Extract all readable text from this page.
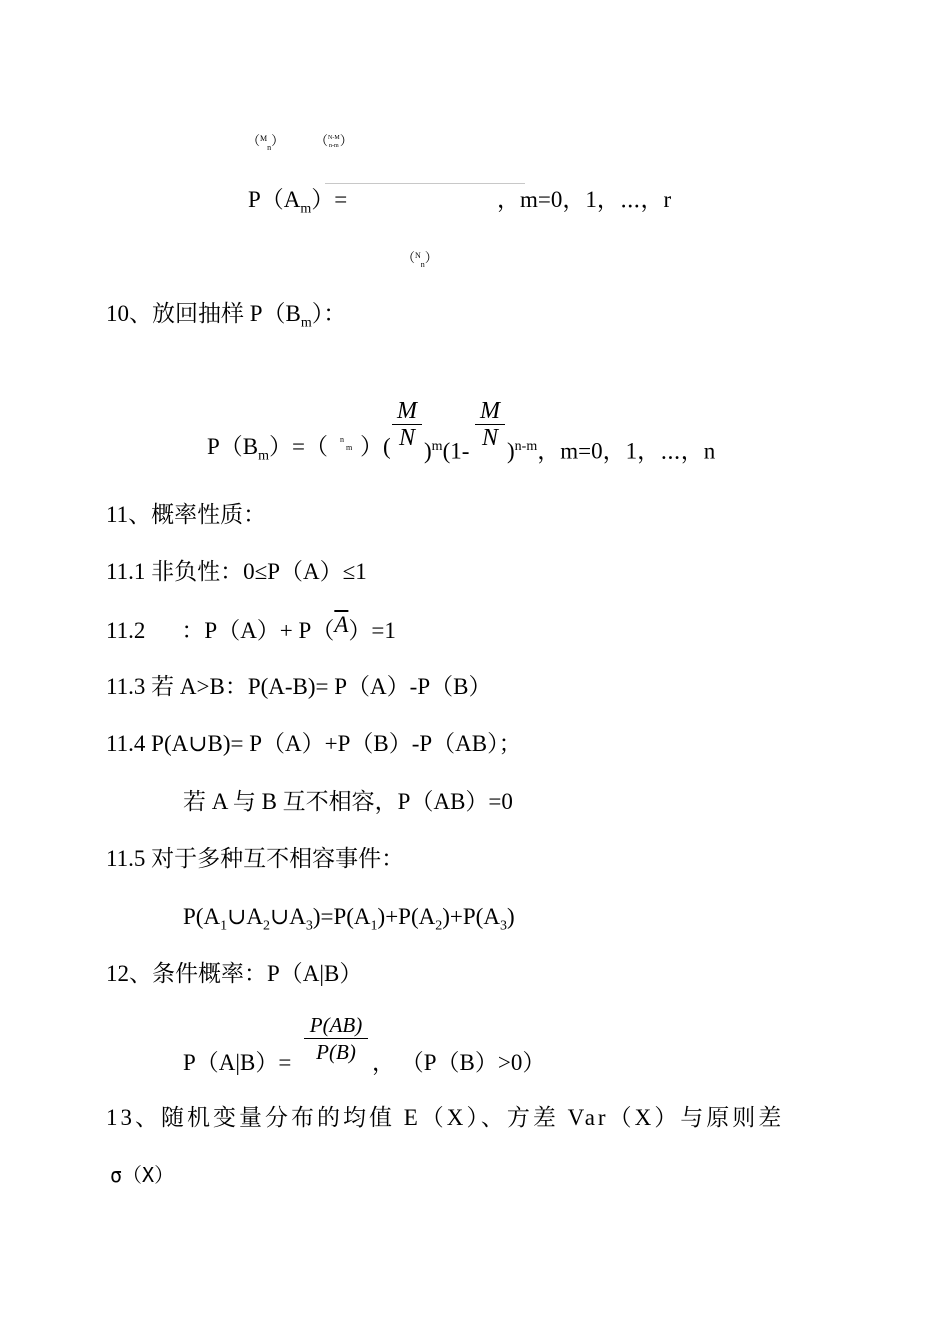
（$^M_n$） （ N-M
n-m ）
$P(A_m)=$	，m=0，1，⋯，r
（$^N_n$）
10、放回抽样 $P(B_m)$：
$P(B_m)=$（ nm ）(
M
N
)$^m$(1-
M
N
)$^{n-m}$，m=0，1，⋯，n
11、概率性质：
11.1 非负性：0≤P（A）≤1
11.2 ：$P(A)+ P(\overline{A})=1$
11.3 若 A>B：P(A-B)= P（A）-P（B）
11.4 P(A∪B)= P（A）+P（B）-P（AB）；
若 A 与 B 互不相容，P（AB）=0
11.5 对于多种互不相容事件：
$P(A_1\cup A_2\cup A_3)=P(A_1)+P(A_2)+P(A_3)$
12、条件概率：P（A|B）
P(AB)
P(B)
P（A|B）=	， （P（B）>0）
13、随机变量分布的均值 E（X）、方差 Var（X）与原则差
σ（X）
